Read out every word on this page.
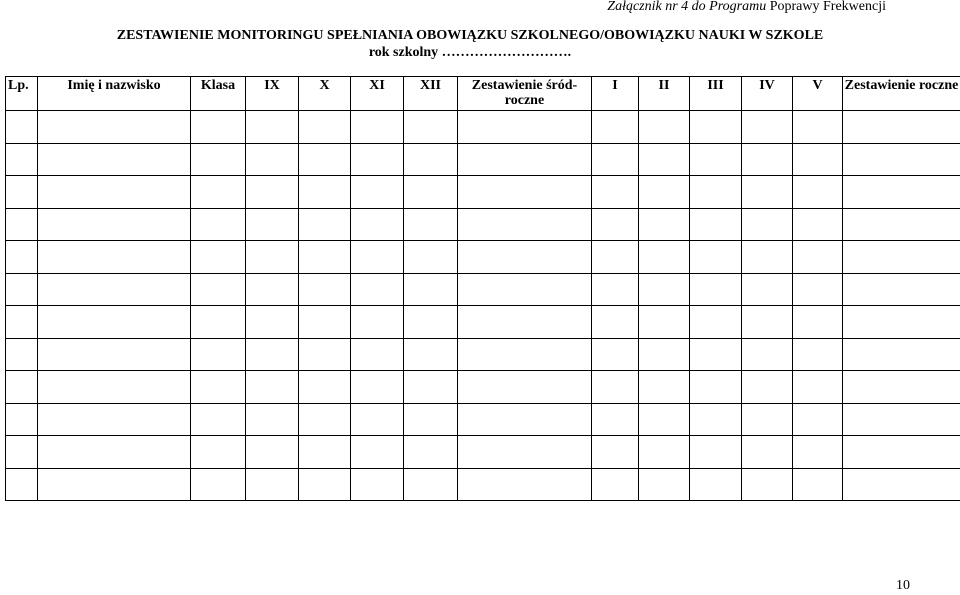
Załącznik nr 4 do Programu Poprawy Frekwencji
ZESTAWIENIE MONITORINGU SPEŁNIANIA OBOWIĄZKU SZKOLNEGO/OBOWIĄZKU NAUKI W SZKOLE
rok szkolny ……………………….
Lp.	Imię i nazwisko	Klasa	IX	X	XI	XII	Zestawienie śród-roczne	I	II	III	IV	V	Zestawienie roczne

10
